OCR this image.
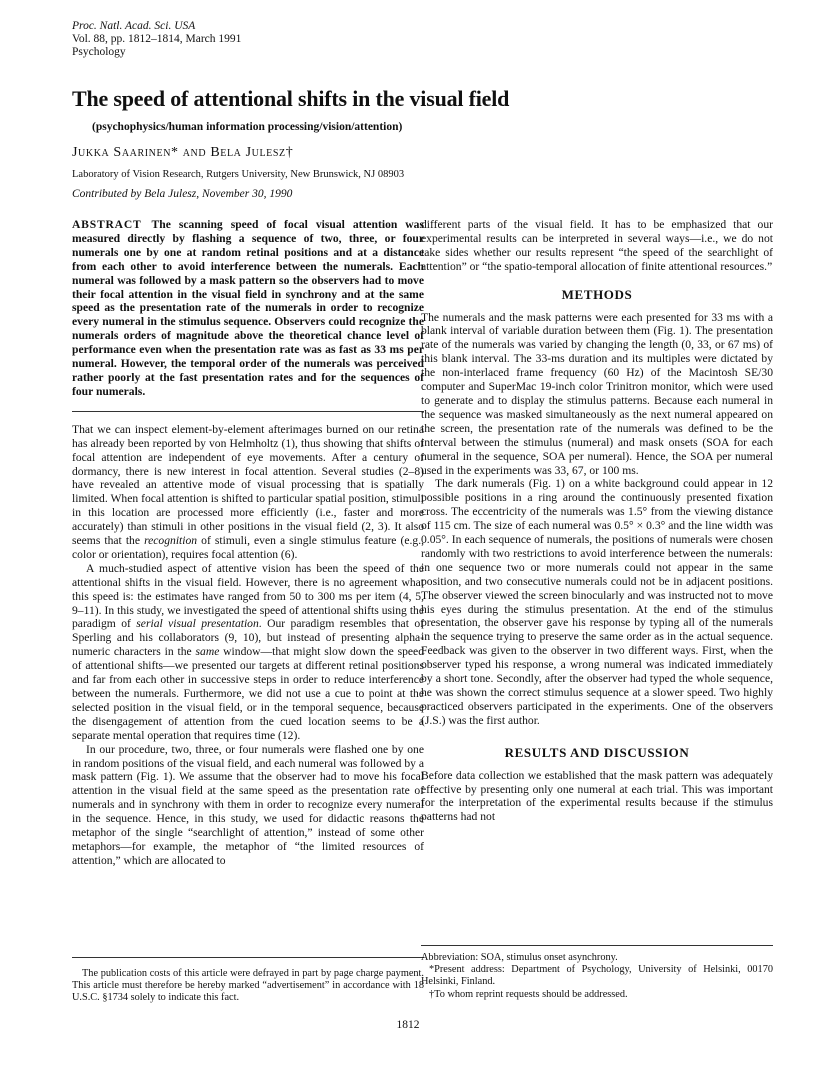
Proc. Natl. Acad. Sci. USA
Vol. 88, pp. 1812–1814, March 1991
Psychology
The speed of attentional shifts in the visual field
(psychophysics/human information processing/vision/attention)
Jukka Saarinen* and Bela Julesz†
Laboratory of Vision Research, Rutgers University, New Brunswick, NJ 08903
Contributed by Bela Julesz, November 30, 1990

ABSTRACT The scanning speed of focal visual attention was measured directly by flashing a sequence of two, three, or four numerals one by one at random retinal positions and at a distance from each other to avoid interference between the numerals. Each numeral was followed by a mask pattern so the observers had to move their focal attention in the visual field in synchrony and at the same speed as the presentation rate of the numerals in order to recognize every numeral in the stimulus sequence. Observers could recognize the numerals orders of magnitude above the theoretical chance level of performance even when the presentation rate was as fast as 33 ms per numeral. However, the temporal order of the numerals was perceived rather poorly at the fast presentation rates and for the sequences of four numerals.

That we can inspect element-by-element afterimages burned on our retina has already been reported by von Helmholtz (1), thus showing that shifts of focal attention are independent of eye movements. After a century of dormancy, there is new interest in focal attention. Several studies (2–8) have revealed an attentive mode of visual processing that is spatially limited. When focal attention is shifted to particular spatial position, stimuli in this location are processed more efficiently (i.e., faster and more accurately) than stimuli in other positions in the visual field (2, 3). It also seems that the recognition of stimuli, even a single stimulus feature (e.g., color or orientation), requires focal attention (6).

A much-studied aspect of attentive vision has been the speed of the attentional shifts in the visual field. However, there is no agreement what this speed is: the estimates have ranged from 50 to 300 ms per item (4, 5, 9–11). In this study, we investigated the speed of attentional shifts using the paradigm of serial visual presentation. Our paradigm resembles that of Sperling and his collaborators (9, 10), but instead of presenting alpha-numeric characters in the same window—that might slow down the speed of attentional shifts—we presented our targets at different retinal positions and far from each other in successive steps in order to reduce interference between the numerals. Furthermore, we did not use a cue to point at the selected position in the visual field, or in the temporal sequence, because the disengagement of attention from the cued location seems to be a separate mental operation that requires time (12).

In our procedure, two, three, or four numerals were flashed one by one in random positions of the visual field, and each numeral was followed by a mask pattern (Fig. 1). We assume that the observer had to move his focal attention in the visual field at the same speed as the presentation rate of numerals and in synchrony with them in order to recognize every numeral in the sequence. Hence, in this study, we used for didactic reasons the metaphor of the single “searchlight of attention,” instead of some other metaphors—for example, the metaphor of “the limited resources of attention,” which are allocated to

different parts of the visual field. It has to be emphasized that our experimental results can be interpreted in several ways—i.e., we do not take sides whether our results represent “the speed of the searchlight of attention” or “the spatio-temporal allocation of finite attentional resources.”

METHODS

The numerals and the mask patterns were each presented for 33 ms with a blank interval of variable duration between them (Fig. 1). The presentation rate of the numerals was varied by changing the length (0, 33, or 67 ms) of this blank interval. The 33-ms duration and its multiples were dictated by the non-interlaced frame frequency (60 Hz) of the Macintosh SE/30 computer and SuperMac 19-inch color Trinitron monitor, which were used to generate and to display the stimulus patterns. Because each numeral in the sequence was masked simultaneously as the next numeral appeared on the screen, the presentation rate of the numerals was defined to be the interval between the stimulus (numeral) and mask onsets (SOA for each numeral in the sequence, SOA per numeral). Hence, the SOA per numeral used in the experiments was 33, 67, or 100 ms.

The dark numerals (Fig. 1) on a white background could appear in 12 possible positions in a ring around the continuously presented fixation cross. The eccentricity of the numerals was 1.5° from the viewing distance of 115 cm. The size of each numeral was 0.5° × 0.3° and the line width was 0.05°. In each sequence of numerals, the positions of numerals were chosen randomly with two restrictions to avoid interference between the numerals: in one sequence two or more numerals could not appear in the same position, and two consecutive numerals could not be in adjacent positions. The observer viewed the screen binocularly and was instructed not to move his eyes during the stimulus presentation. At the end of the stimulus presentation, the observer gave his response by typing all of the numerals in the sequence trying to preserve the same order as in the actual sequence. Feedback was given to the observer in two different ways. First, when the observer typed his response, a wrong numeral was indicated immediately by a short tone. Secondly, after the observer had typed the whole sequence, he was shown the correct stimulus sequence at a slower speed. Two highly practiced observers participated in the experiments. One of the observers (J.S.) was the first author.

RESULTS AND DISCUSSION

Before data collection we established that the mask pattern was adequately effective by presenting only one numeral at each trial. This was important for the interpretation of the experimental results because if the stimulus patterns had not

The publication costs of this article were defrayed in part by page charge payment. This article must therefore be hereby marked “advertisement” in accordance with 18 U.S.C. §1734 solely to indicate this fact.

Abbreviation: SOA, stimulus onset asynchrony.

*Present address: Department of Psychology, University of Helsinki, 00170 Helsinki, Finland.

†To whom reprint requests should be addressed.

1812
